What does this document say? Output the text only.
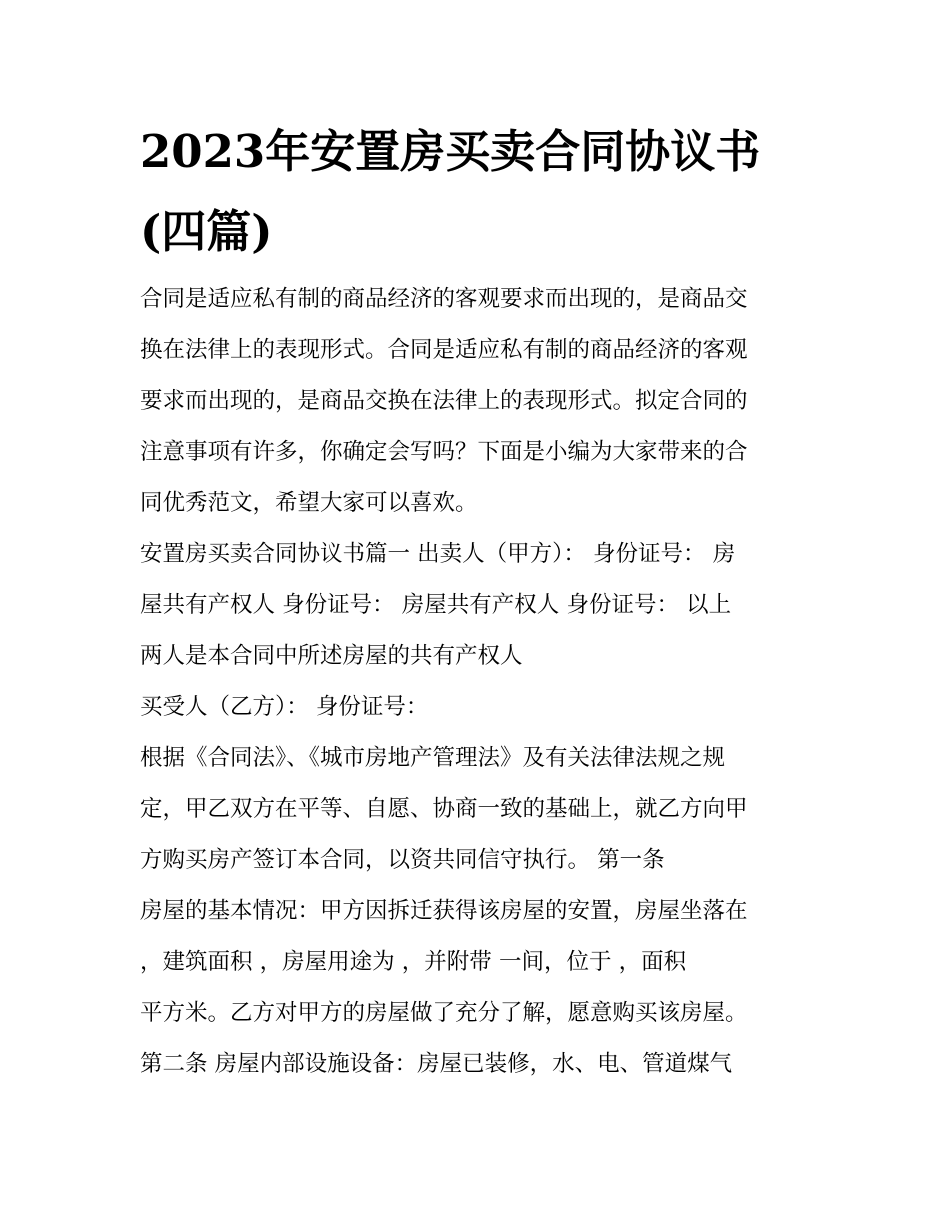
2023年安置房买卖合同协议书
(四篇)
合同是适应私有制的商品经济的客观要求而出现的，是商品交
换在法律上的表现形式。合同是适应私有制的商品经济的客观
要求而出现的，是商品交换在法律上的表现形式。拟定合同的
注意事项有许多，你确定会写吗？下面是小编为大家带来的合
同优秀范文，希望大家可以喜欢。
安置房买卖合同协议书篇一 出卖人（甲方）： 身份证号： 房
屋共有产权人 身份证号： 房屋共有产权人 身份证号： 以上
两人是本合同中所述房屋的共有产权人
买受人（乙方）： 身份证号：
根据《合同法》、《城市房地产管理法》及有关法律法规之规
定，甲乙双方在平等、自愿、协商一致的基础上，就乙方向甲
方购买房产签订本合同，以资共同信守执行。 第一条
房屋的基本情况：甲方因拆迁获得该房屋的安置，房屋坐落在
，建筑面积 ，房屋用途为 ，并附带 一间，位于 ，面积
平方米。乙方对甲方的房屋做了充分了解，愿意购买该房屋。
第二条 房屋内部设施设备：房屋已装修，水、电、管道煤气
